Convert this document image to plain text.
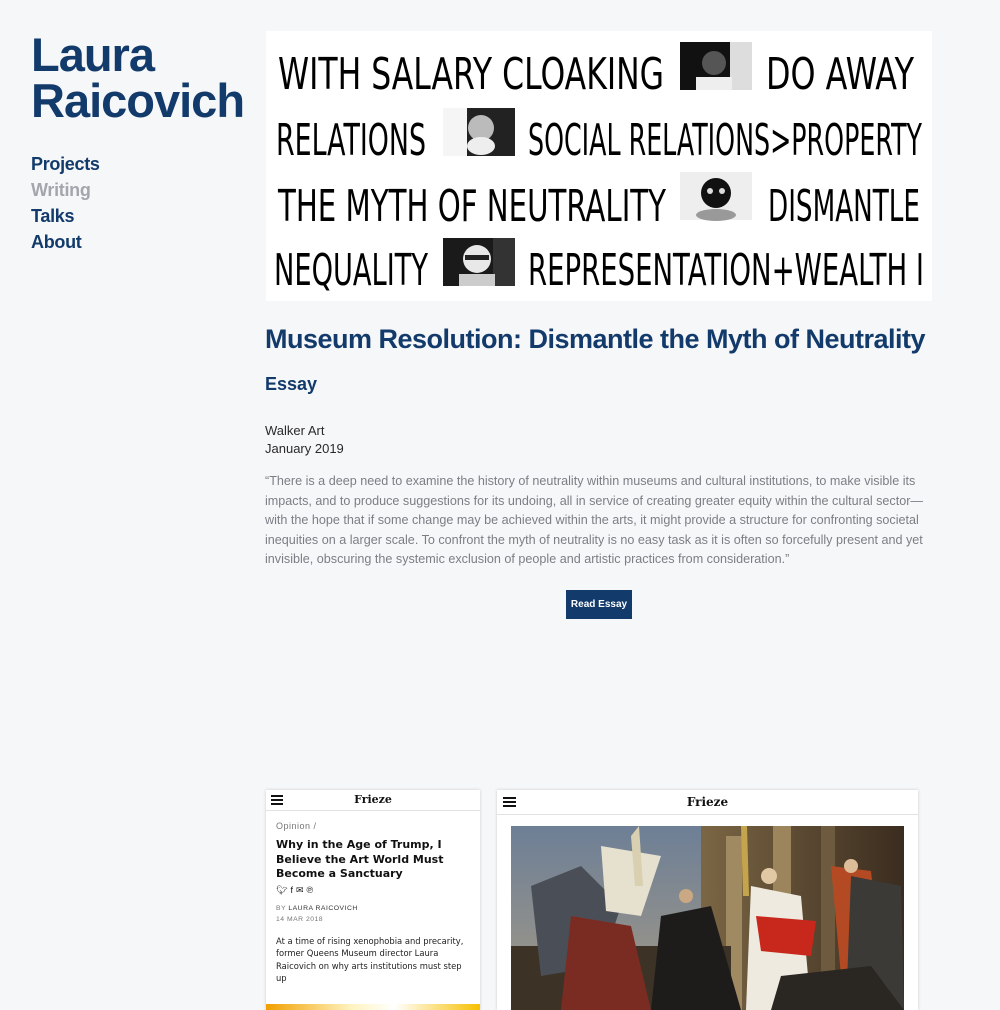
Laura
Raicovich
Projects
Writing
Talks
About
WITH SALARY CLOAKING DO AWAY
RELATIONS SOCIAL RELATIONS>PROPERTY
THE MYTH OF NEUTRALITY DISMANTLE
NEQUALITY REPRESENTATION+WEALTH I
Museum Resolution: Dismantle the Myth of Neutrality
Essay
Walker Art
January 2019

“There is a deep need to examine the history of neutrality within museums and cultural institutions, to make visible its impacts, and to produce suggestions for its undoing, all in service of creating greater equity within the cultural sector—with the hope that if some change may be achieved within the arts, it might provide a structure for confronting societal inequities on a larger scale. To confront the myth of neutrality is no easy task as it is often so forcefully present and yet invisible, obscuring the systemic exclusion of people and artistic practices from consideration.”

Read Essay
Frieze
Opinion /
Why in the Age of Trump, I Believe the Art World Must Become a Sanctuary
🐦︎f✉℗
BY LAURA RAICOVICH
14 MAR 2018
At a time of rising xenophobia and precarity, former Queens Museum director Laura Raicovich on why arts institutions must step up
Frieze
